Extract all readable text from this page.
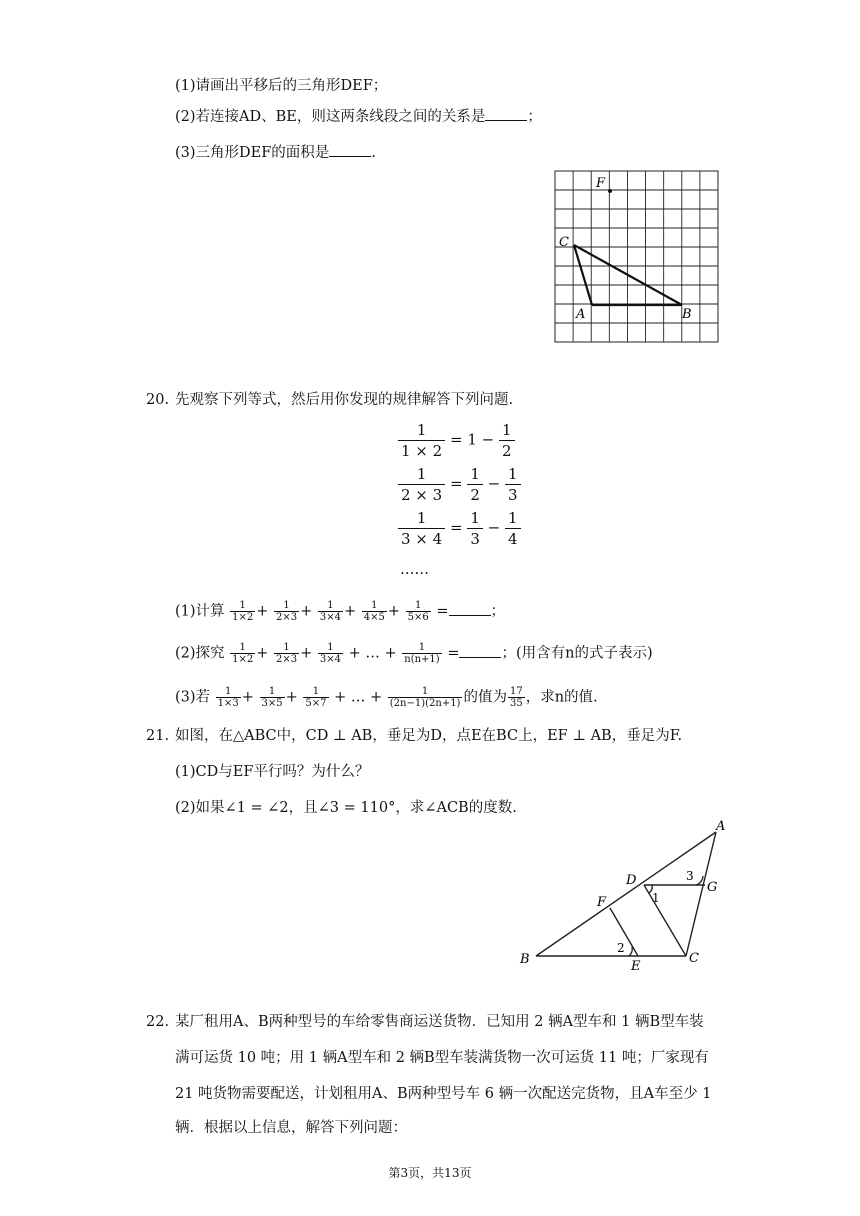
(1)请画出平移后的三角形DEF；
(2)若连接AD、BE，则这两条线段之间的关系是	；
(3)三角形DEF的面积是	.
F
C
A	B
20. 先观察下列等式，然后用你发现的规律解答下列问题.
$\frac{1}{1 \times 2} = 1 - \frac{1}{2}$
$\frac{1}{2 \times 3} = \frac{1}{2} - \frac{1}{3}$
$\frac{1}{3 \times 4} = \frac{1}{3} - \frac{1}{4}$
……
(1)计算 $\frac{1}{1\times 2} + \frac{1}{2\times 3} + \frac{1}{3\times 4} + \frac{1}{4\times 5} + \frac{1}{5\times 6}$ =	；
(2)探究 $\frac{1}{1\times 2} + \frac{1}{2\times 3} + \frac{1}{3\times 4}$ + … + $\frac{1}{n(n+1)}$ =	；(用含有n的式子表示)
(3)若 $\frac{1}{1\times 3} + \frac{1}{3\times 5} + \frac{1}{5\times 7}$ + … + $\frac{1}{(2n-1)(2n+1)}$ 的值为 $\frac{17}{35}$ ，求n的值.
21. 如图，在△ABC中，CD ⊥ AB，垂足为D，点E在BC上，EF ⊥ AB，垂足为F.
(1)CD与EF平行吗？为什么？
(2)如果∠1 = ∠2，且∠3 = 110°，求∠ACB的度数.
A
B	C
D
E
F
G
1
2
3
22. 某厂租用A、B两种型号的车给零售商运送货物．已知用 2 辆A型车和 1 辆B型车装
满可运货 10 吨；用 1 辆A型车和 2 辆B型车装满货物一次可运货 11 吨；厂家现有
21 吨货物需要配送，计划租用A、B两种型号车 6 辆一次配送完货物，且A车至少 1
辆．根据以上信息，解答下列问题：
第3页，共13页
